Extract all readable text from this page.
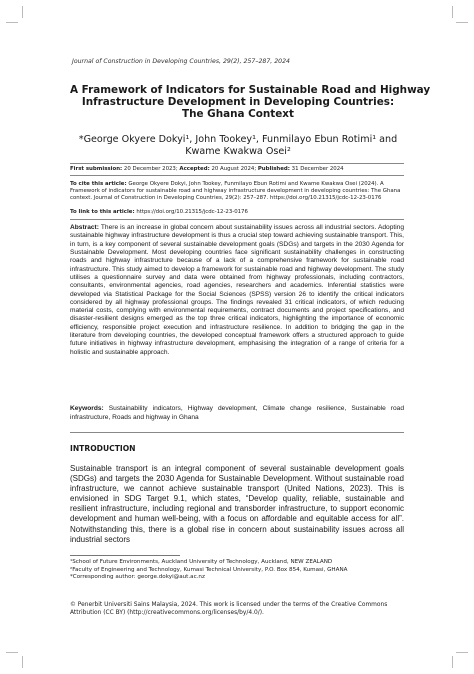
Journal of Construction in Developing Countries, 29(2), 257–287, 2024
A Framework of Indicators for Sustainable Road and Highway
Infrastructure Development in Developing Countries:
The Ghana Context
*George Okyere Dokyi¹, John Tookey¹, Funmilayo Ebun Rotimi¹ and
Kwame Kwakwa Osei²
First submission: 20 December 2023; Accepted: 20 August 2024; Published: 31 December 2024
To cite this article: George Okyere Dokyi, John Tookey, Funmilayo Ebun Rotimi and Kwame Kwakwa Osei (2024). A Framework of indicators for sustainable road and highway infrastructure development in developing countries: The Ghana context. Journal of Construction in Developing Countries, 29(2): 257–287. https://doi.org/10.21315/jcdc-12-23-0176
To link to this article: https://doi.org/10.21315/jcdc-12-23-0176
Abstract: There is an increase in global concern about sustainability issues across all industrial sectors. Adopting sustainable highway infrastructure development is thus a crucial step toward achieving sustainable transport. This, in turn, is a key component of several sustainable development goals (SDGs) and targets in the 2030 Agenda for Sustainable Development. Most developing countries face significant sustainability challenges in constructing roads and highway infrastructure because of a lack of a comprehensive framework for sustainable road infrastructure. This study aimed to develop a framework for sustainable road and highway development. The study utilises a questionnaire survey and data were obtained from highway professionals, including contractors, consultants, environmental agencies, road agencies, researchers and academics. Inferential statistics were developed via Statistical Package for the Social Sciences (SPSS) version 26 to identify the critical indicators considered by all highway professional groups. The findings revealed 31 critical indicators, of which reducing material costs, complying with environmental requirements, contract documents and project specifications, and disaster-resilient designs emerged as the top three critical indicators, highlighting the importance of economic efficiency, responsible project execution and infrastructure resilience. In addition to bridging the gap in the literature from developing countries, the developed conceptual framework offers a structured approach to guide future initiatives in highway infrastructure development, emphasising the integration of a range of criteria for a holistic and sustainable approach.
Keywords: Sustainability indicators, Highway development, Climate change resilience, Sustainable road infrastructure, Roads and highway in Ghana
INTRODUCTION
Sustainable transport is an integral component of several sustainable development goals (SDGs) and targets the 2030 Agenda for Sustainable Development. Without sustainable road infrastructure, we cannot achieve sustainable transport (United Nations, 2023). This is envisioned in SDG Target 9.1, which states, “Develop quality, reliable, sustainable and resilient infrastructure, including regional and transborder infrastructure, to support economic development and human well-being, with a focus on affordable and equitable access for all”. Notwithstanding this, there is a global rise in concern about sustainability issues across all industrial sectors
¹School of Future Environments, Auckland University of Technology, Auckland, NEW ZEALAND
²Faculty of Engineering and Technology, Kumasi Technical University, P.O. Box 854, Kumasi, GHANA
*Corresponding author: george.dokyi@aut.ac.nz
© Penerbit Universiti Sains Malaysia, 2024. This work is licensed under the terms of the Creative Commons Attribution (CC BY) (http://creativecommons.org/licenses/by/4.0/).
